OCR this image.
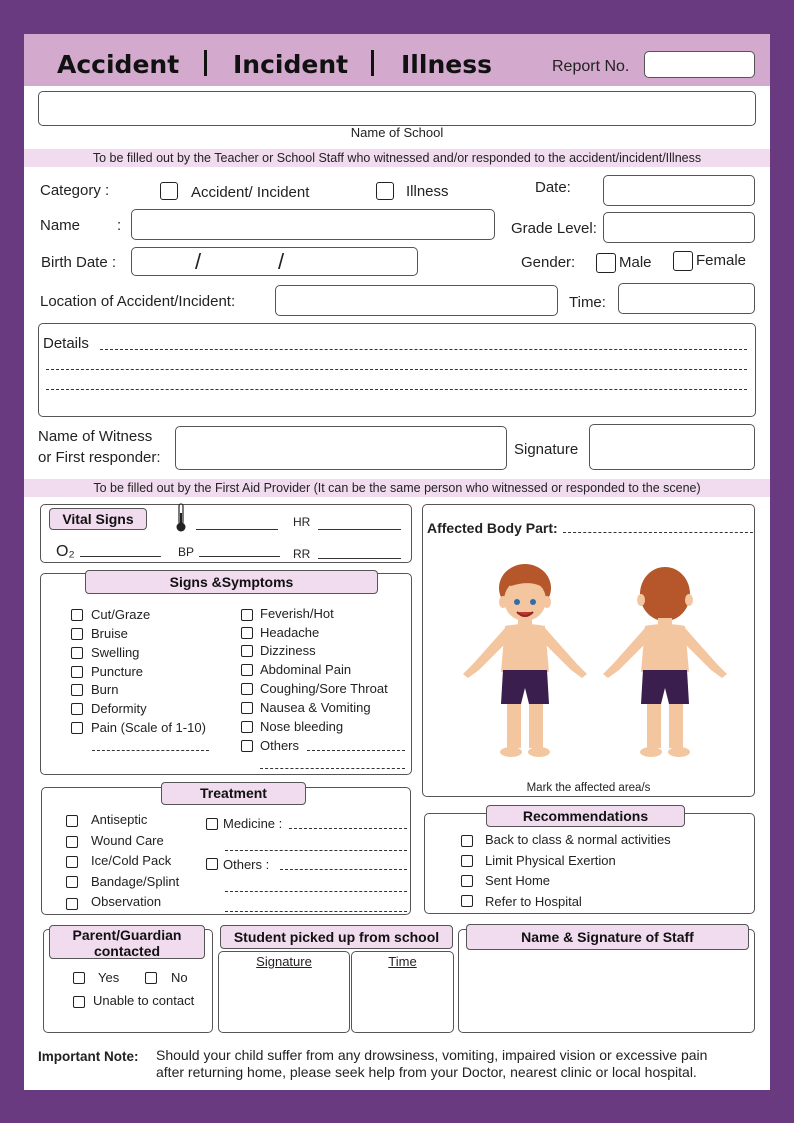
Accident Incident Illness	Report No.
Name of School
To be filled out by the Teacher or School Staff who witnessed and/or responded to the accident/incident/Illness
Category :	Accident/ Incident	Illness	Date:
Name :	Grade Level:
Birth Date :	/	/	Gender:	Male	Female
Location of Accident/Incident:	Time:
Details
Name of Witness
or First responder:	Signature
To be filled out by the First Aid Provider (It can be the same person who witnessed or responded to the scene)
Vital Signs	HR
O₂	BP	RR
Affected Body Part:
Mark the affected area/s
Signs &Symptoms
Cut/Graze
Bruise
Swelling
Puncture
Burn
Deformity
Pain (Scale of 1-10)
Feverish/Hot
Headache
Dizziness
Abdominal Pain
Coughing/Sore Throat
Nausea & Vomiting
Nose bleeding
Others
Treatment
Antiseptic
Wound Care
Ice/Cold Pack
Bandage/Splint
Observation
Medicine :
Others :
Recommendations
Back to class & normal activities
Limit Physical Exertion
Sent Home
Refer to Hospital
Parent/Guardian
contacted
Yes	No
Unable to contact
Student picked up from school
Signature	Time
Name & Signature of Staff
Important Note: Should your child suffer from any drowsiness, vomiting, impaired vision or excessive pain
after returning home, please seek help from your Doctor, nearest clinic or local hospital.
